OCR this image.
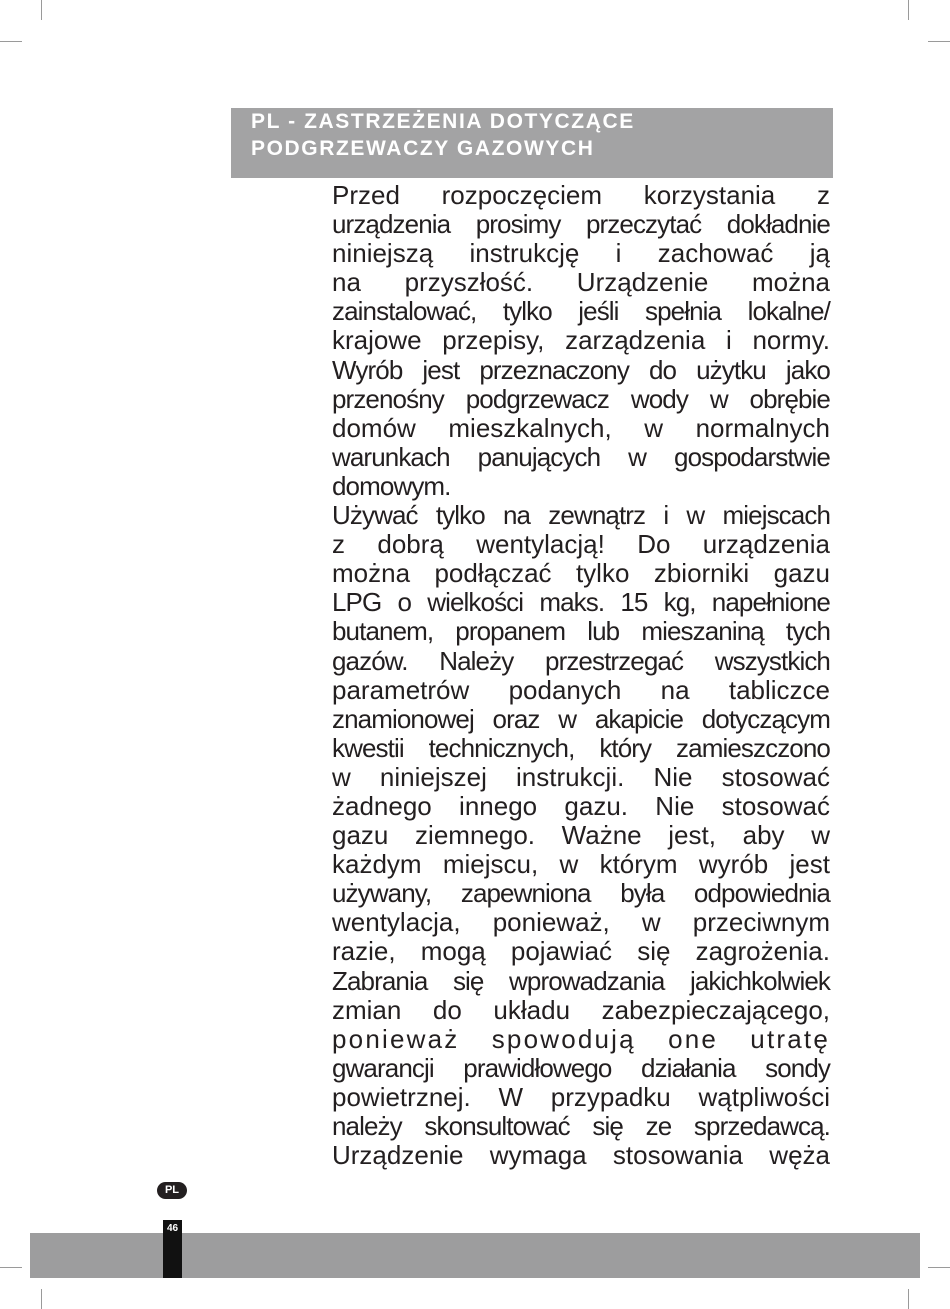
PL - ZASTRZEŻENIA DOTYCZĄCE
PODGRZEWACZY GAZOWYCH
Przed rozpoczęciem korzystania z
urządzenia prosimy przeczytać dokładnie
niniejszą instrukcję i zachować ją
na przyszłość. Urządzenie można
zainstalować, tylko jeśli spełnia lokalne/
krajowe przepisy, zarządzenia i normy.
Wyrób jest przeznaczony do użytku jako
przenośny podgrzewacz wody w obrębie
domów mieszkalnych, w normalnych
warunkach panujących w gospodarstwie
domowym.
Używać tylko na zewnątrz i w miejscach
z dobrą wentylacją! Do urządzenia
można podłączać tylko zbiorniki gazu
LPG o wielkości maks. 15 kg, napełnione
butanem, propanem lub mieszaniną tych
gazów. Należy przestrzegać wszystkich
parametrów podanych na tabliczce
znamionowej oraz w akapicie dotyczącym
kwestii technicznych, który zamieszczono
w niniejszej instrukcji. Nie stosować
żadnego innego gazu. Nie stosować
gazu ziemnego. Ważne jest, aby w
każdym miejscu, w którym wyrób jest
używany, zapewniona była odpowiednia
wentylacja, ponieważ, w przeciwnym
razie, mogą pojawiać się zagrożenia.
Zabrania się wprowadzania jakichkolwiek
zmian do układu zabezpieczającego,
ponieważ spowodują one utratę
gwarancji prawidłowego działania sondy
powietrznej. W przypadku wątpliwości
należy skonsultować się ze sprzedawcą.
Urządzenie wymaga stosowania węża
PL
46
